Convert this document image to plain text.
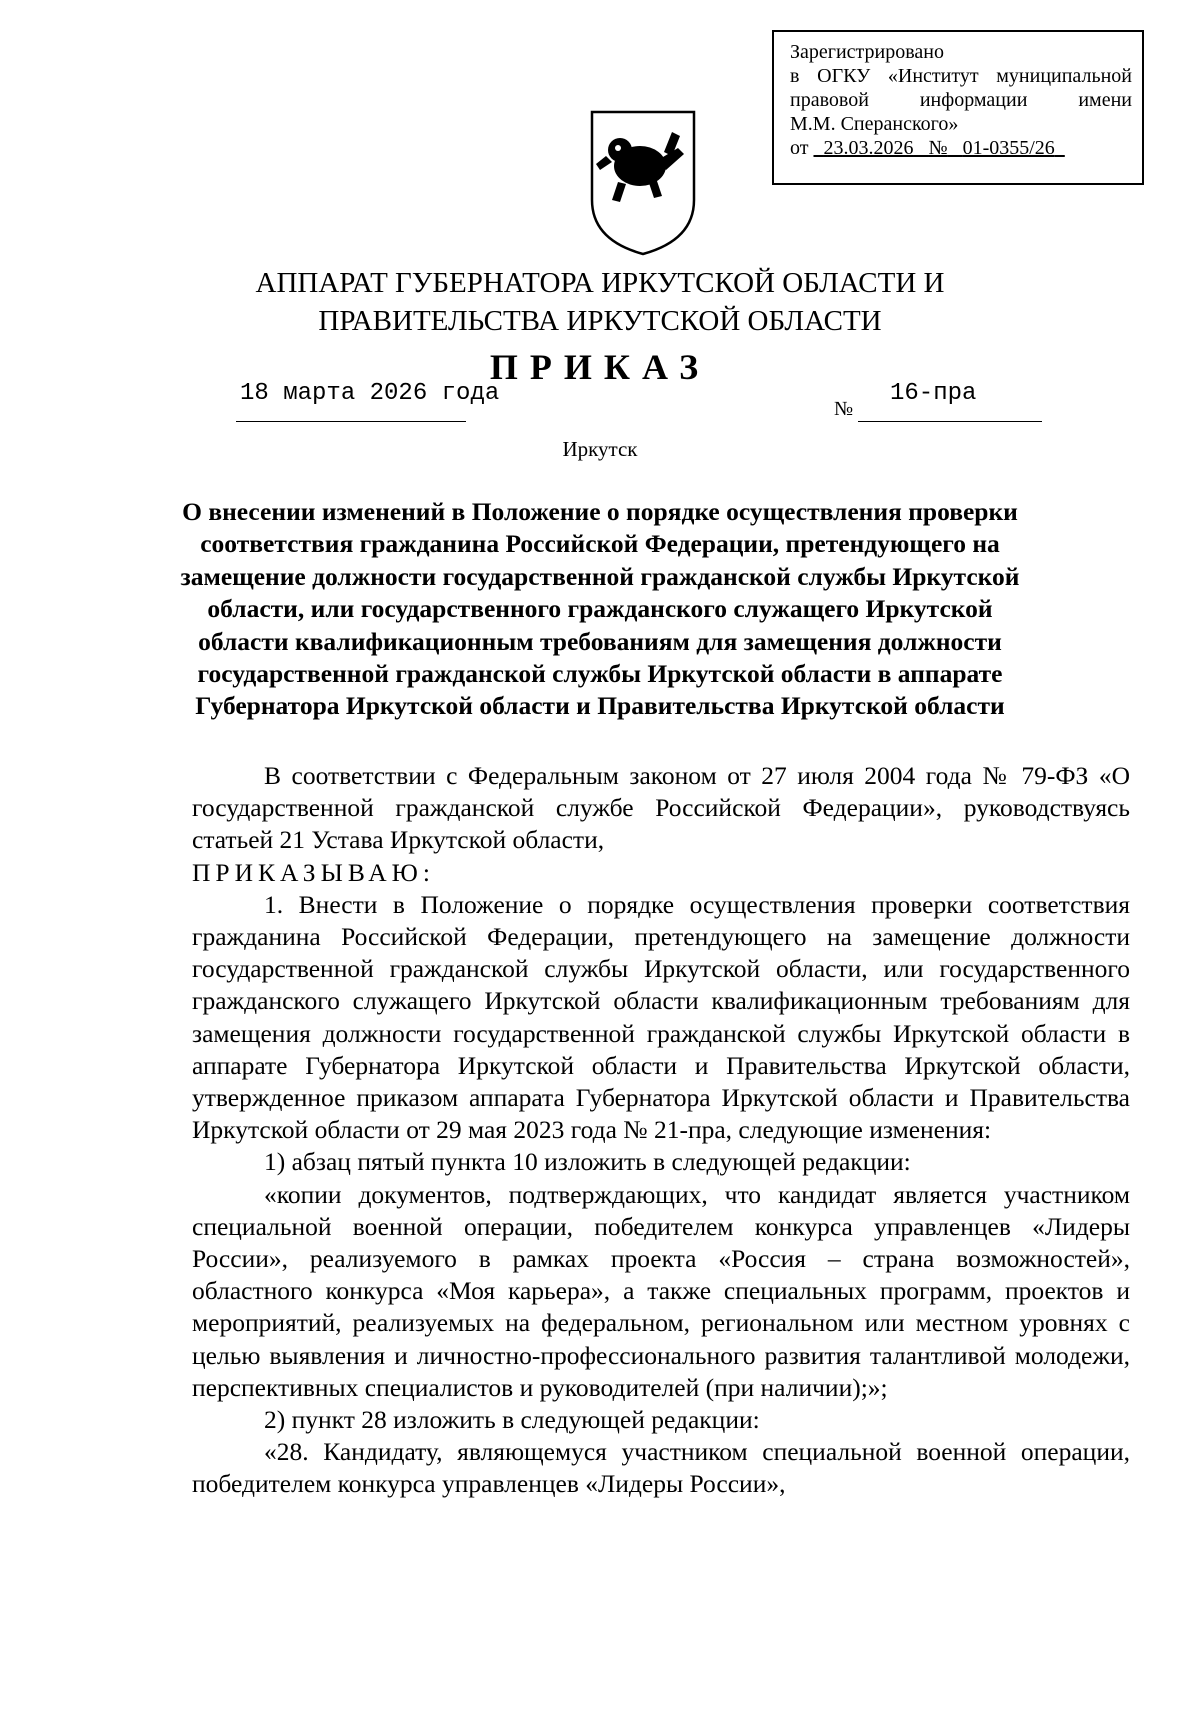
Зарегистрировано
в ОГКУ «Институт муниципальной
правовой информации имени
М.М. Сперанского»
от 23.03.2026 № 01-0355/26
АППАРАТ ГУБЕРНАТОРА ИРКУТСКОЙ ОБЛАСТИ И
ПРАВИТЕЛЬСТВА ИРКУТСКОЙ ОБЛАСТИ
ПРИКАЗ
18 марта 2026 года
№
16-пра
Иркутск
О внесении изменений в Положение о порядке осуществления проверки
соответствия гражданина Российской Федерации, претендующего на
замещение должности государственной гражданской службы Иркутской
области, или государственного гражданского служащего Иркутской
области квалификационным требованиям для замещения должности
государственной гражданской службы Иркутской области в аппарате
Губернатора Иркутской области и Правительства Иркутской области

В соответствии с Федеральным законом от 27 июля 2004 года № 79-ФЗ «О государственной гражданской службе Российской Федерации», руководствуясь статьей 21 Устава Иркутской области,

ПРИКАЗЫВАЮ:

1. Внести в Положение о порядке осуществления проверки соответствия гражданина Российской Федерации, претендующего на замещение должности государственной гражданской службы Иркутской области, или государственного гражданского служащего Иркутской области квалификационным требованиям для замещения должности государственной гражданской службы Иркутской области в аппарате Губернатора Иркутской области и Правительства Иркутской области, утвержденное приказом аппарата Губернатора Иркутской области и Правительства Иркутской области от 29 мая 2023 года № 21-пра, следующие изменения:

1) абзац пятый пункта 10 изложить в следующей редакции:

«копии документов, подтверждающих, что кандидат является участником специальной военной операции, победителем конкурса управленцев «Лидеры России», реализуемого в рамках проекта «Россия – страна возможностей», областного конкурса «Моя карьера», а также специальных программ, проектов и мероприятий, реализуемых на федеральном, региональном или местном уровнях с целью выявления и личностно-профессионального развития талантливой молодежи, перспективных специалистов и руководителей (при наличии);»;

2) пункт 28 изложить в следующей редакции:

«28. Кандидату, являющемуся участником специальной военной операции, победителем конкурса управленцев «Лидеры России»,
